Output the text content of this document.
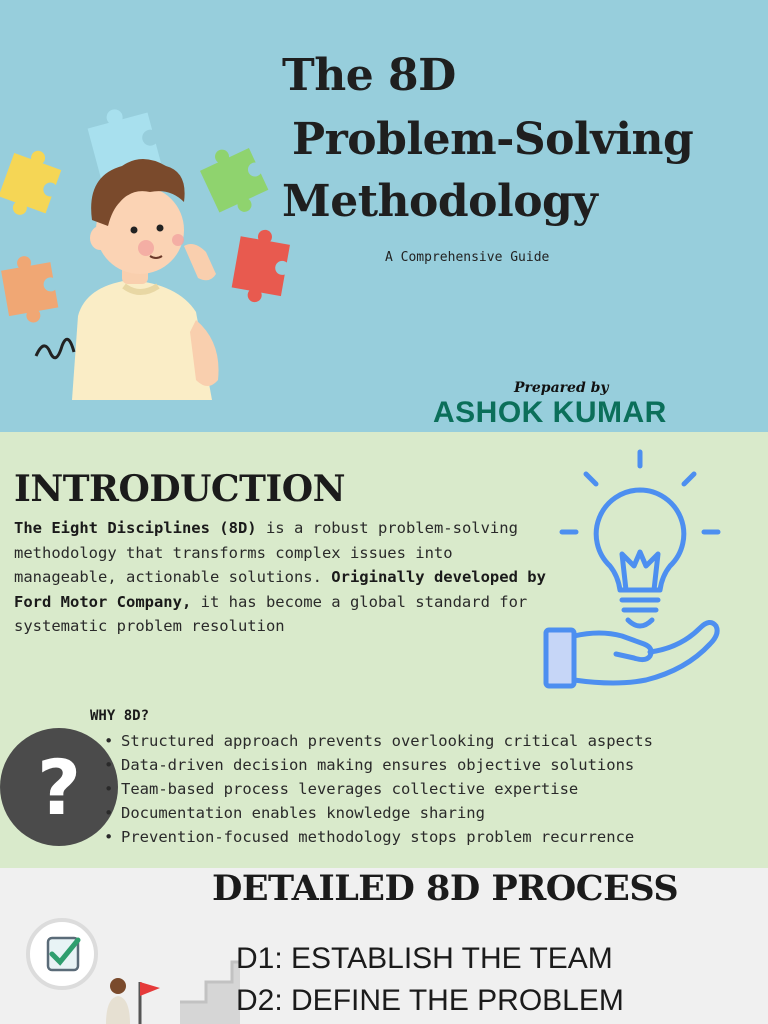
The 8D
Problem-Solving
Methodology
A Comprehensive Guide
Prepared by
ASHOK KUMAR
INTRODUCTION

The Eight Disciplines (8D) is a robust problem-solving methodology that transforms complex issues into manageable, actionable solutions. Originally developed by Ford Motor Company, it has become a global standard for systematic problem resolution

WHY 8D?
?
• Structured approach prevents overlooking critical aspects
• Data-driven decision making ensures objective solutions
• Team-based process leverages collective expertise
• Documentation enables knowledge sharing
• Prevention-focused methodology stops problem recurrence
DETAILED 8D PROCESS
D1: ESTABLISH THE TEAM
D2: DEFINE THE PROBLEM
